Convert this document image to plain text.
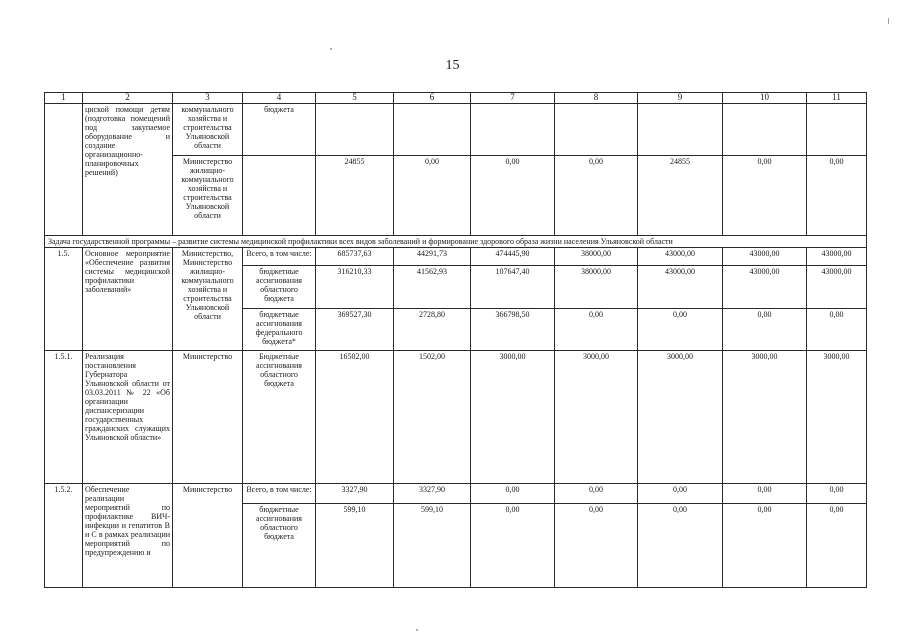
15
1	2	3	4	5	6	7	8	9	10	11
	циской помощи детям (подготовка помещений под закупаемое оборудование и создание организационно-планировочных решений)	коммунального хозяйства и строительства Ульяновской области	бюджета							
		Министерство жилищно-коммунального хозяйства и строительства Ульяновской области		24855	0,00	0,00	0,00	24855	0,00	0,00
Задача государственной программы – развитие системы медицинской профилактики всех видов заболеваний и формирование здорового образа жизни населения Ульяновской области										
1.5.	Основное мероприятие «Обеспечение развития системы медицинской профилактики заболеваний»	Министерство, Министерство жилищно-коммунального хозяйства и строительства Ульяновской области	Всего, в том числе:	685737,63	44291,73	474445,90	38000,00	43000,00	43000,00	43000,00
			бюджетные ассигнования областного бюджета	316210,33	41562,93	107647,40	38000,00	43000,00	43000,00	43000,00
			бюджетные ассигнования федерального бюджета*	369527,30	2728,80	366798,50	0,00	0,00	0,00	0,00
1.5.1.	Реализация постановления Губернатора Ульяновской области от 03.03.2011 № 22 «Об организации диспансеризации государственных гражданских служащих Ульяновской области»	Министерство	Бюджетные ассигнования областного бюджета	16502,00	1502,00	3000,00	3000,00	3000,00	3000,00	3000,00
1.5.2.	Обеспечение реализации мероприятий по профилактике ВИЧ-инфекции и гепатитов В и С в рамках реализации мероприятий по предупреждению и	Министерство	Всего, в том числе:	3327,90	3327,90	0,00	0,00	0,00	0,00	0,00
			бюджетные ассигнования областного бюджета	599,10	599,10	0,00	0,00	0,00	0,00	0,00
